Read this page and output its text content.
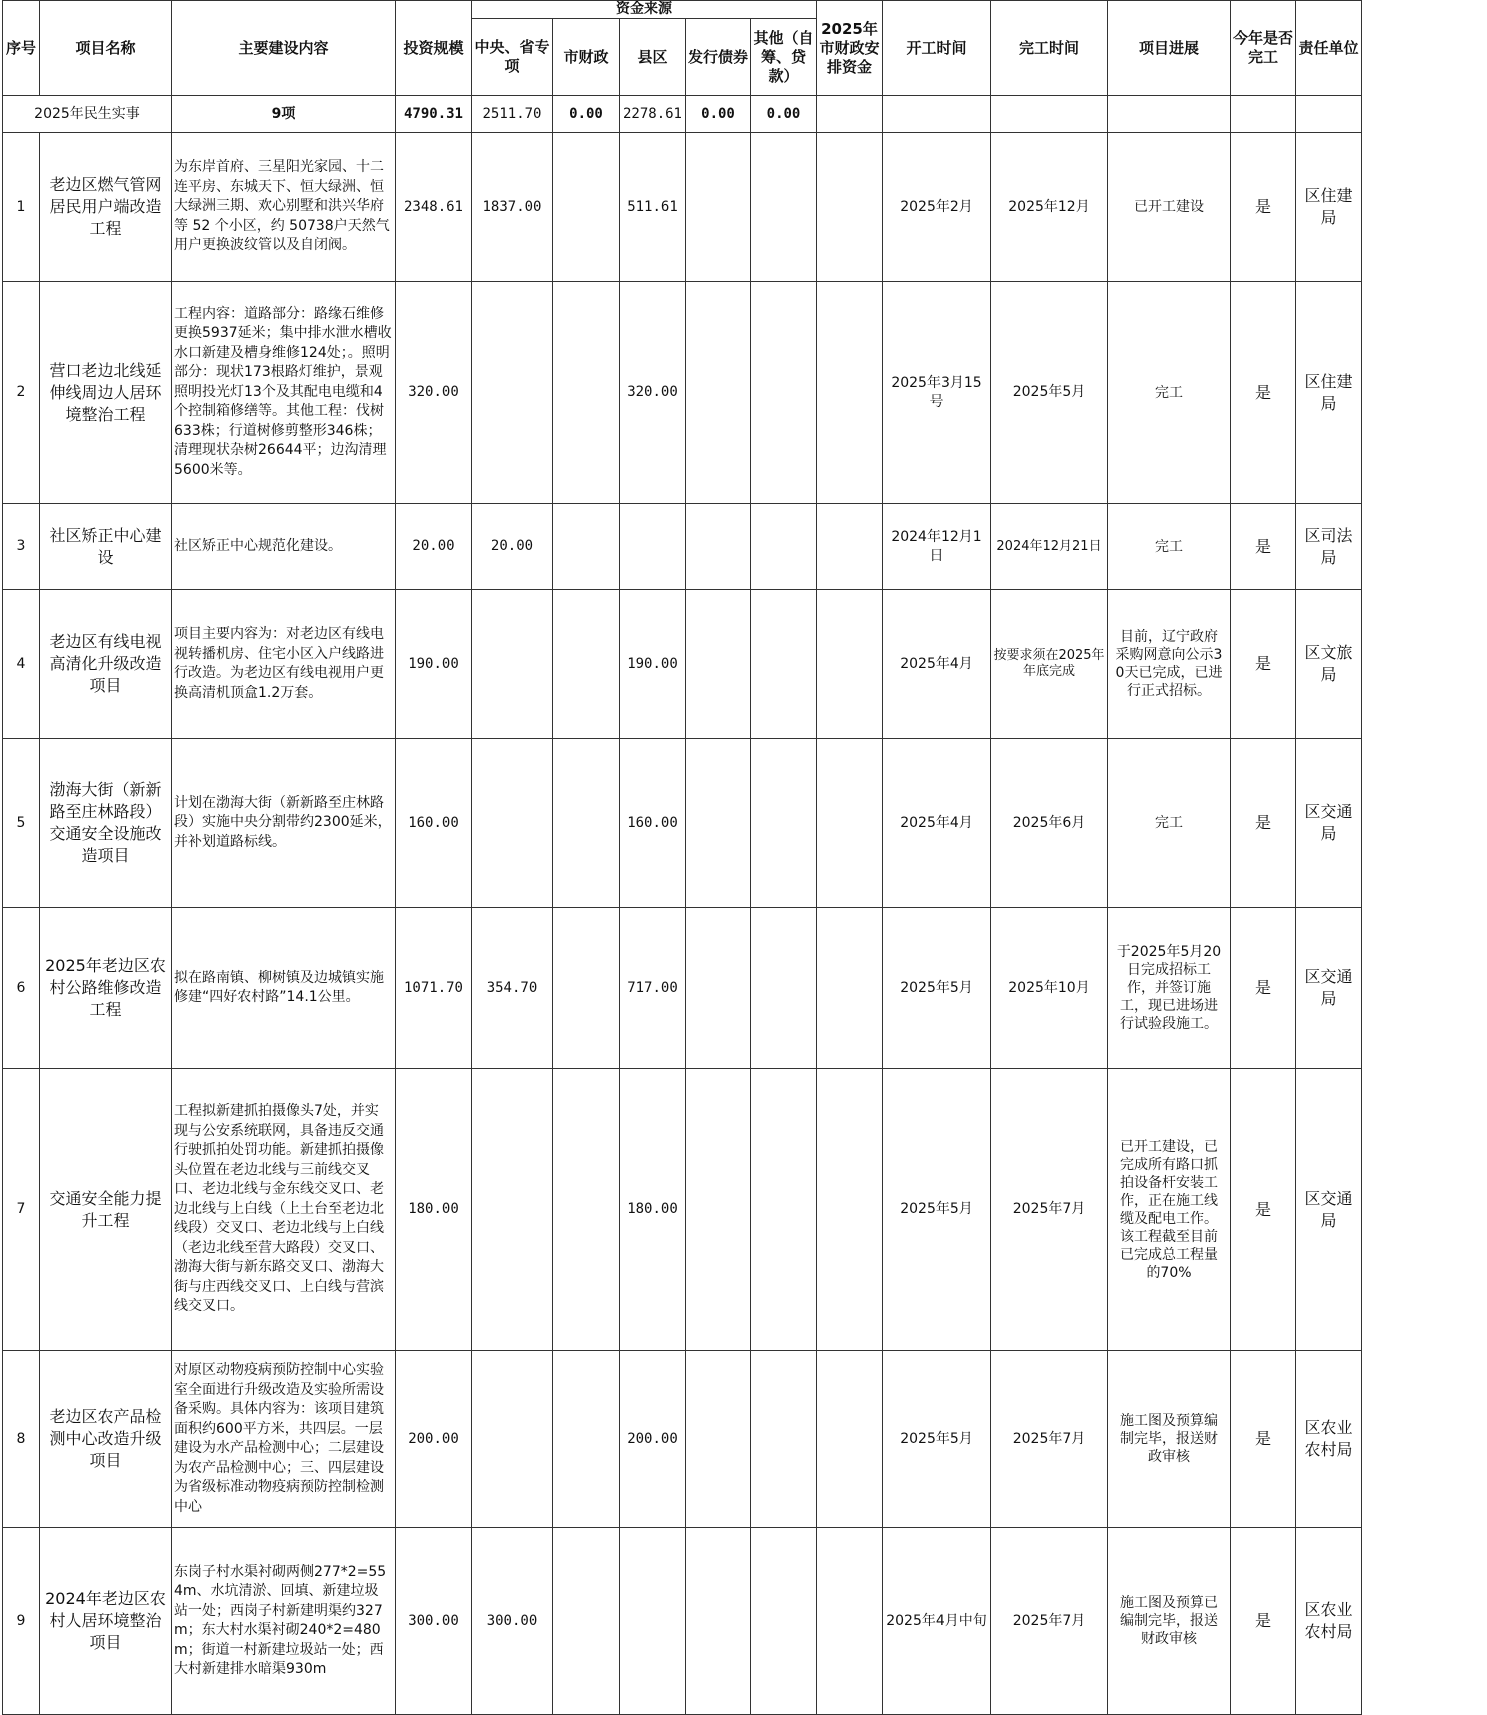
序号	项目名称	主要建设内容	投资规模	资金来源					2025年市财政安排资金	开工时间	完工时间	项目进展	今年是否完工	责任单位
				中央、省专项	市财政	县区	发行债券	其他（自筹、贷款）						
2025年民生实事		9项	4790.31	2511.70	0.00	2278.61	0.00	0.00						
1	老边区燃气管网居民用户端改造工程	为东岸首府、三星阳光家园、十二连平房、东城天下、恒大绿洲、恒大绿洲三期、欢心别墅和洪兴华府等 52 个小区，约 50738户天然气用户更换波纹管以及自闭阀。	2348.61	1837.00		511.61				2025年2月	2025年12月	已开工建设	是	区住建局
2	营口老边北线延伸线周边人居环境整治工程	工程内容：道路部分：路缘石维修更换5937延米；集中排水泄水槽收水口新建及槽身维修124处；。照明部分：现状173根路灯维护，景观照明投光灯13个及其配电电缆和4个控制箱修缮等。其他工程：伐树633株；行道树修剪整形346株；清理现状杂树26644平；边沟清理5600米等。	320.00			320.00				2025年3月15号	2025年5月	完工	是	区住建局
3	社区矫正中心建设	社区矫正中心规范化建设。	20.00	20.00						2024年12月1日	2024年12月21日	完工	是	区司法局
4	老边区有线电视高清化升级改造项目	项目主要内容为：对老边区有线电视转播机房、住宅小区入户线路进行改造。为老边区有线电视用户更换高清机顶盒1.2万套。	190.00			190.00				2025年4月	按要求须在2025年年底完成	目前，辽宁政府采购网意向公示30天已完成，已进行正式招标。	是	区文旅局
5	渤海大街（新新路至庄林路段）交通安全设施改造项目	计划在渤海大街（新新路至庄林路段）实施中央分割带约2300延米，并补划道路标线。	160.00			160.00				2025年4月	2025年6月	完工	是	区交通局
6	2025年老边区农村公路维修改造工程	拟在路南镇、柳树镇及边城镇实施修建“四好农村路”14.1公里。	1071.70	354.70		717.00				2025年5月	2025年10月	于2025年5月20日完成招标工作，并签订施工，现已进场进行试验段施工。	是	区交通局
7	交通安全能力提升工程	工程拟新建抓拍摄像头7处，并实现与公安系统联网，具备违反交通行驶抓拍处罚功能。新建抓拍摄像头位置在老边北线与三前线交叉口、老边北线与金东线交叉口、老边北线与上白线（上土台至老边北线段）交叉口、老边北线与上白线（老边北线至营大路段）交叉口、渤海大街与新东路交叉口、渤海大街与庄西线交叉口、上白线与营滨线交叉口。	180.00			180.00				2025年5月	2025年7月	已开工建设，已完成所有路口抓拍设备杆安装工作，正在施工线缆及配电工作。该工程截至目前已完成总工程量的70%	是	区交通局
8	老边区农产品检测中心改造升级项目	对原区动物疫病预防控制中心实验室全面进行升级改造及实验所需设备采购。具体内容为：该项目建筑面积约600平方米，共四层。一层建设为水产品检测中心；二层建设为农产品检测中心；三、四层建设为省级标准动物疫病预防控制检测中心	200.00			200.00				2025年5月	2025年7月	施工图及预算编制完毕，报送财政审核	是	区农业农村局
9	2024年老边区农村人居环境整治项目	东岗子村水渠衬砌两侧277*2=554m、水坑清淤、回填、新建垃圾站一处；西岗子村新建明渠约327m；东大村水渠衬砌240*2=480m；街道一村新建垃圾站一处；西大村新建排水暗渠930m	300.00	300.00						2025年4月中旬	2025年7月	施工图及预算已编制完毕，报送财政审核	是	区农业农村局
